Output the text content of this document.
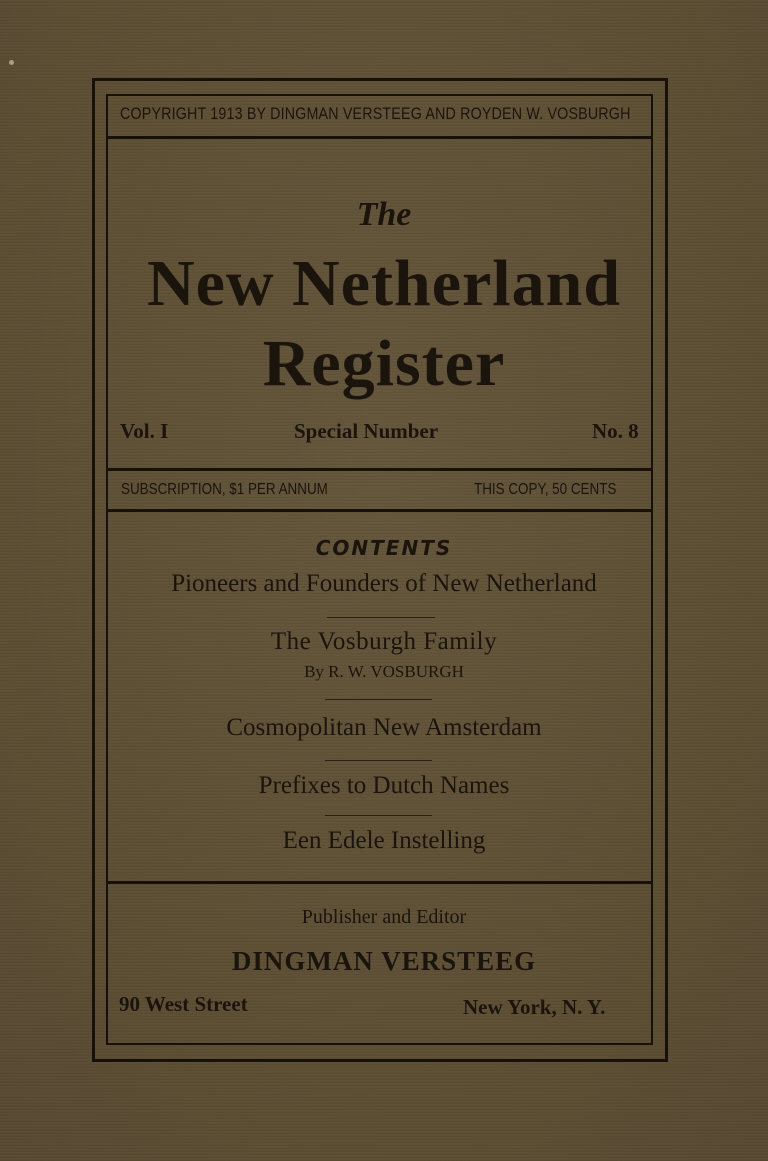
COPYRIGHT 1913 BY DINGMAN VERSTEEG AND ROYDEN W. VOSBURGH
The
New Netherland
Register
Vol. I	Special Number	No. 8
SUBSCRIPTION, $1 PER ANNUM	THIS COPY, 50 CENTS
CONTENTS
Pioneers and Founders of New Netherland
The Vosburgh Family
By R. W. VOSBURGH
Cosmopolitan New Amsterdam
Prefixes to Dutch Names
Een Edele Instelling
Publisher and Editor
DINGMAN VERSTEEG
90 West Street	New York, N. Y.
